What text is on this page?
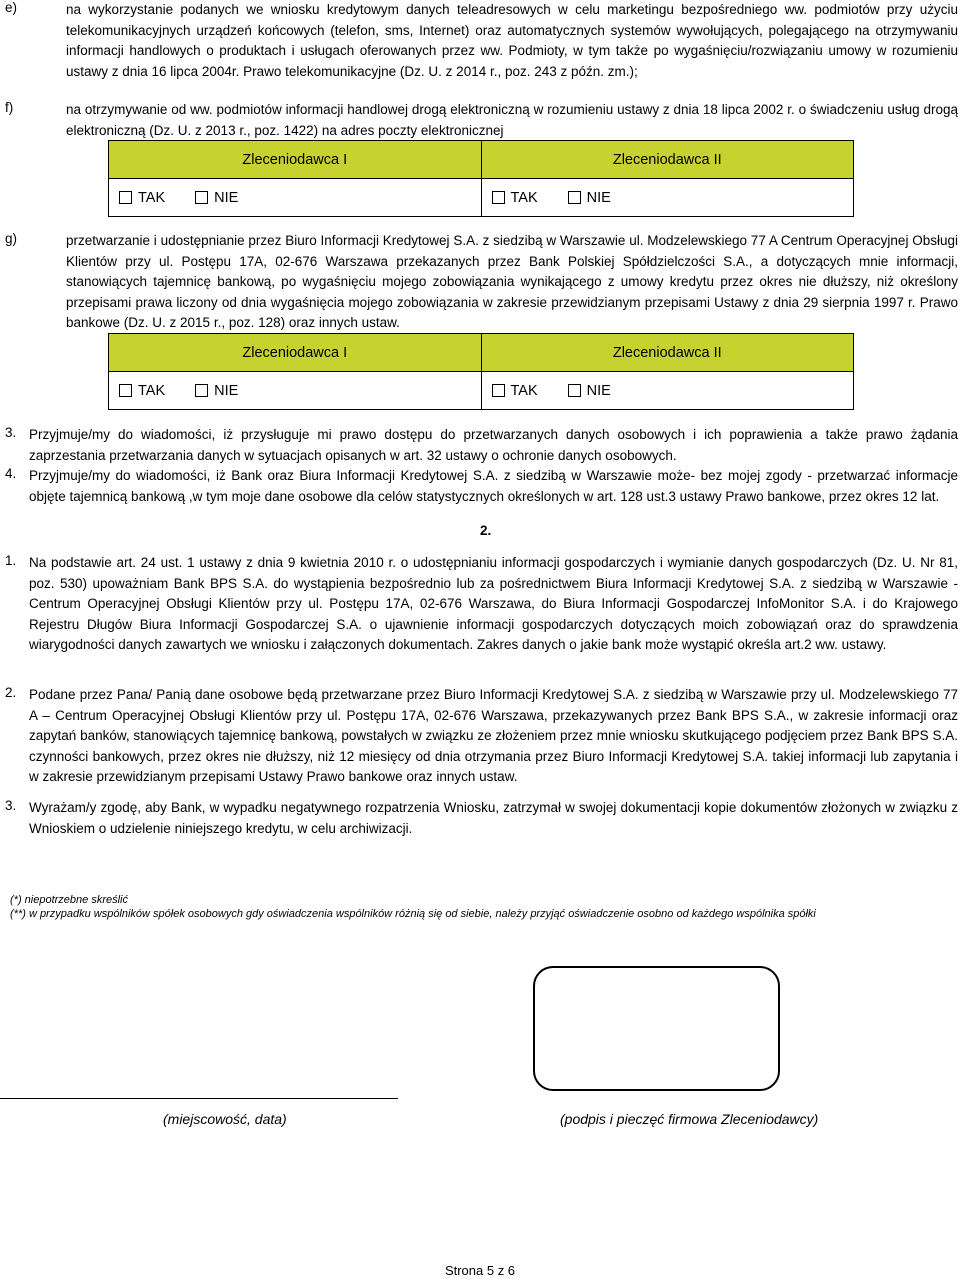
e)	na wykorzystanie podanych we wniosku kredytowym danych teleadresowych w celu marketingu bezpośredniego ww. podmiotów przy użyciu telekomunikacyjnych urządzeń końcowych (telefon, sms, Internet) oraz automatycznych systemów wywołujących, polegającego na otrzymywaniu informacji handlowych o produktach i usługach oferowanych przez ww. Podmioty, w tym także po wygaśnięciu/rozwiązaniu umowy w rozumieniu ustawy z dnia 16 lipca 2004r. Prawo telekomunikacyjne (Dz. U. z 2014 r., poz. 243 z późn. zm.);
f)	na otrzymywanie od ww. podmiotów informacji handlowej drogą elektroniczną w rozumieniu ustawy z dnia 18 lipca 2002 r. o świadczeniu usług drogą elektroniczną (Dz. U. z 2013 r., poz. 1422) na adres poczty elektronicznej
Zleceniodawca I	Zleceniodawca II
TAK NIE	TAK NIE
g)	przetwarzanie i udostępnianie przez Biuro Informacji Kredytowej S.A. z siedzibą w Warszawie ul. Modzelewskiego 77 A Centrum Operacyjnej Obsługi Klientów przy ul. Postępu 17A, 02-676 Warszawa przekazanych przez Bank Polskiej Spółdzielczości S.A., a dotyczących mnie informacji, stanowiących tajemnicę bankową, po wygaśnięciu mojego zobowiązania wynikającego z umowy kredytu przez okres nie dłuższy, niż określony przepisami prawa liczony od dnia wygaśnięcia mojego zobowiązania w zakresie przewidzianym przepisami Ustawy z dnia 29 sierpnia 1997 r. Prawo bankowe (Dz. U. z 2015 r., poz. 128) oraz innych ustaw.
Zleceniodawca I	Zleceniodawca II
TAK NIE	TAK NIE
3. Przyjmuje/my do wiadomości, iż przysługuje mi prawo dostępu do przetwarzanych danych osobowych i ich poprawienia a także prawo żądania zaprzestania przetwarzania danych w sytuacjach opisanych w art. 32 ustawy o ochronie danych osobowych.
4. Przyjmuje/my do wiadomości, iż Bank oraz Biura Informacji Kredytowej S.A. z siedzibą w Warszawie może- bez mojej zgody - przetwarzać informacje objęte tajemnicą bankową ,w tym moje dane osobowe dla celów statystycznych określonych w art. 128 ust.3 ustawy Prawo bankowe, przez okres 12 lat.
2.
1. Na podstawie art. 24 ust. 1 ustawy z dnia 9 kwietnia 2010 r. o udostępnianiu informacji gospodarczych i wymianie danych gospodarczych (Dz. U. Nr 81, poz. 530) upoważniam Bank BPS S.A. do wystąpienia bezpośrednio lub za pośrednictwem Biura Informacji Kredytowej S.A. z siedzibą w Warszawie - Centrum Operacyjnej Obsługi Klientów przy ul. Postępu 17A, 02-676 Warszawa, do Biura Informacji Gospodarczej InfoMonitor S.A. i do Krajowego Rejestru Długów Biura Informacji Gospodarczej S.A. o ujawnienie informacji gospodarczych dotyczących moich zobowiązań oraz do sprawdzenia wiarygodności danych zawartych we wniosku i załączonych dokumentach. Zakres danych o jakie bank może wystąpić określa art.2 ww. ustawy.
2. Podane przez Pana/ Panią dane osobowe będą przetwarzane przez Biuro Informacji Kredytowej S.A. z siedzibą w Warszawie przy ul. Modzelewskiego 77 A – Centrum Operacyjnej Obsługi Klientów przy ul. Postępu 17A, 02-676 Warszawa, przekazywanych przez Bank BPS S.A., w zakresie informacji oraz zapytań banków, stanowiących tajemnicę bankową, powstałych w związku ze złożeniem przez mnie wniosku skutkującego podjęciem przez Bank BPS S.A. czynności bankowych, przez okres nie dłuższy, niż 12 miesięcy od dnia otrzymania przez Biuro Informacji Kredytowej S.A. takiej informacji lub zapytania i w zakresie przewidzianym przepisami Ustawy Prawo bankowe oraz innych ustaw.
3. Wyrażam/y zgodę, aby Bank, w wypadku negatywnego rozpatrzenia Wniosku, zatrzymał w swojej dokumentacji kopie dokumentów złożonych w związku z Wnioskiem o udzielenie niniejszego kredytu, w celu archiwizacji.
(*) niepotrzebne skreślić
(**) w przypadku wspólników spółek osobowych gdy oświadczenia wspólników różnią się od siebie, należy przyjąć oświadczenie osobno od każdego wspólnika spółki
(miejscowość, data)	(podpis i pieczęć firmowa Zleceniodawcy)
Strona 5 z 6
